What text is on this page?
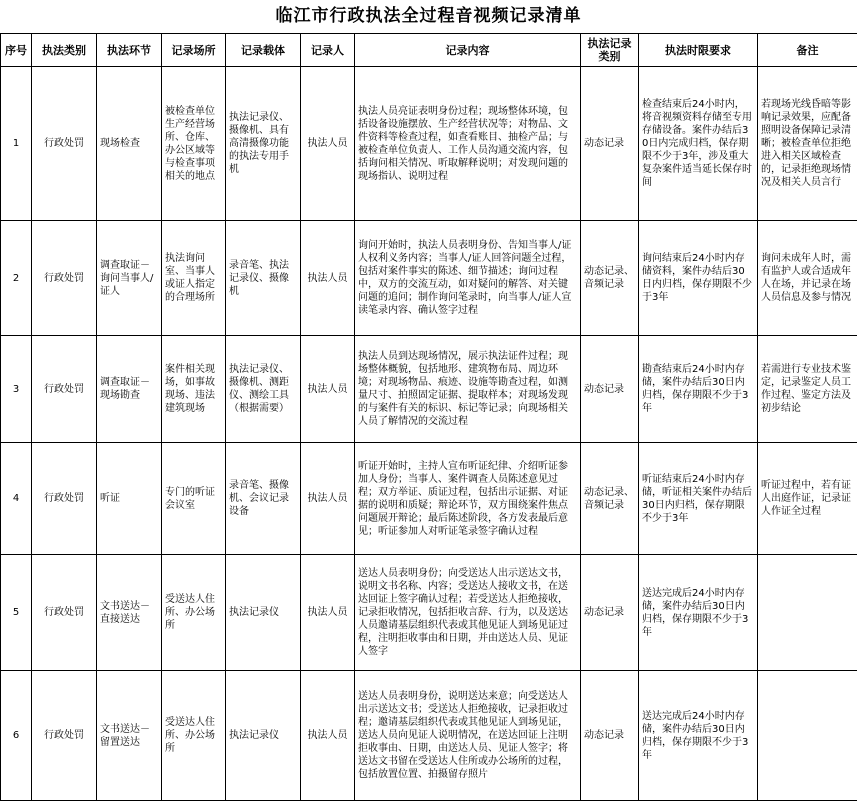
临江市行政执法全过程音视频记录清单
序号	执法类别	执法环节	记录场所	记录载体	记录人	记录内容	执法记录类别	执法时限要求	备注
1	行政处罚	现场检查	被检查单位生产经营场所、仓库、办公区域等与检查事项相关的地点	执法记录仪、摄像机、具有高清摄像功能的执法专用手机	执法人员	执法人员亮证表明身份过程；现场整体环境，包括设备设施摆放、生产经营状况等；对物品、文件资料等检查过程，如查看账目、抽检产品；与被检查单位负责人、工作人员沟通交流内容，包括询问相关情况、听取解释说明；对发现问题的现场指认、说明过程	动态记录	检查结束后24小时内，将音视频资料存储至专用存储设备。案件办结后30日内完成归档，保存期限不少于3年，涉及重大复杂案件适当延长保存时间	若现场光线昏暗等影响记录效果，应配备照明设备保障记录清晰；被检查单位拒绝进入相关区域检查的，记录拒绝现场情况及相关人员言行
2	行政处罚	调查取证－询问当事人/证人	执法询问室、当事人或证人指定的合理场所	录音笔、执法记录仪、摄像机	执法人员	询问开始时，执法人员表明身份、告知当事人/证人权利义务内容；当事人/证人回答问题全过程，包括对案件事实的陈述、细节描述；询问过程中，双方的交流互动，如对疑问的解答、对关键问题的追问；制作询问笔录时，向当事人/证人宣读笔录内容、确认签字过程	动态记录、音频记录	询问结束后24小时内存储资料，案件办结后30日内归档，保存期限不少于3年	询问未成年人时，需有监护人或合适成年人在场，并记录在场人员信息及参与情况
3	行政处罚	调查取证－现场勘查	案件相关现场，如事故现场、违法建筑现场	执法记录仪、摄像机、测距仪、测绘工具（根据需要）	执法人员	执法人员到达现场情况，展示执法证件过程；现场整体概貌，包括地形、建筑物布局、周边环境；对现场物品、痕迹、设施等勘查过程，如测量尺寸、拍照固定证据、提取样本；对现场发现的与案件有关的标识、标记等记录；向现场相关人员了解情况的交流过程	动态记录	勘查结束后24小时内存储，案件办结后30日内归档，保存期限不少于3年	若需进行专业技术鉴定，记录鉴定人员工作过程、鉴定方法及初步结论
4	行政处罚	听证	专门的听证会议室	录音笔、摄像机、会议记录设备	执法人员	听证开始时，主持人宣布听证纪律、介绍听证参加人身份；当事人、案件调查人员陈述意见过程；双方举证、质证过程，包括出示证据、对证据的说明和质疑；辩论环节，双方围绕案件焦点问题展开辩论；最后陈述阶段，各方发表最后意见；听证参加人对听证笔录签字确认过程	动态记录、音频记录	听证结束后24小时内存储，听证相关案件办结后30日内归档，保存期限不少于3年	听证过程中，若有证人出庭作证，记录证人作证全过程
5	行政处罚	文书送达－直接送达	受送达人住所、办公场所	执法记录仪	执法人员	送达人员表明身份；向受送达人出示送达文书，说明文书名称、内容；受送达人接收文书，在送达回证上签字确认过程；若受送达人拒绝接收，记录拒收情况，包括拒收言辞、行为，以及送达人员邀请基层组织代表或其他见证人到场见证过程，注明拒收事由和日期，并由送达人员、见证人签字	动态记录	送达完成后24小时内存储，案件办结后30日内归档，保存期限不少于3年	
6	行政处罚	文书送达－留置送达	受送达人住所、办公场所	执法记录仪	执法人员	送达人员表明身份，说明送达来意；向受送达人出示送达文书；受送达人拒绝接收，记录拒收过程；邀请基层组织代表或其他见证人到场见证，送达人员向见证人说明情况，在送达回证上注明拒收事由、日期，由送达人员、见证人签字；将送达文书留在受送达人住所或办公场所的过程，包括放置位置、拍摄留存照片	动态记录	送达完成后24小时内存储，案件办结后30日内归档，保存期限不少于3年	
